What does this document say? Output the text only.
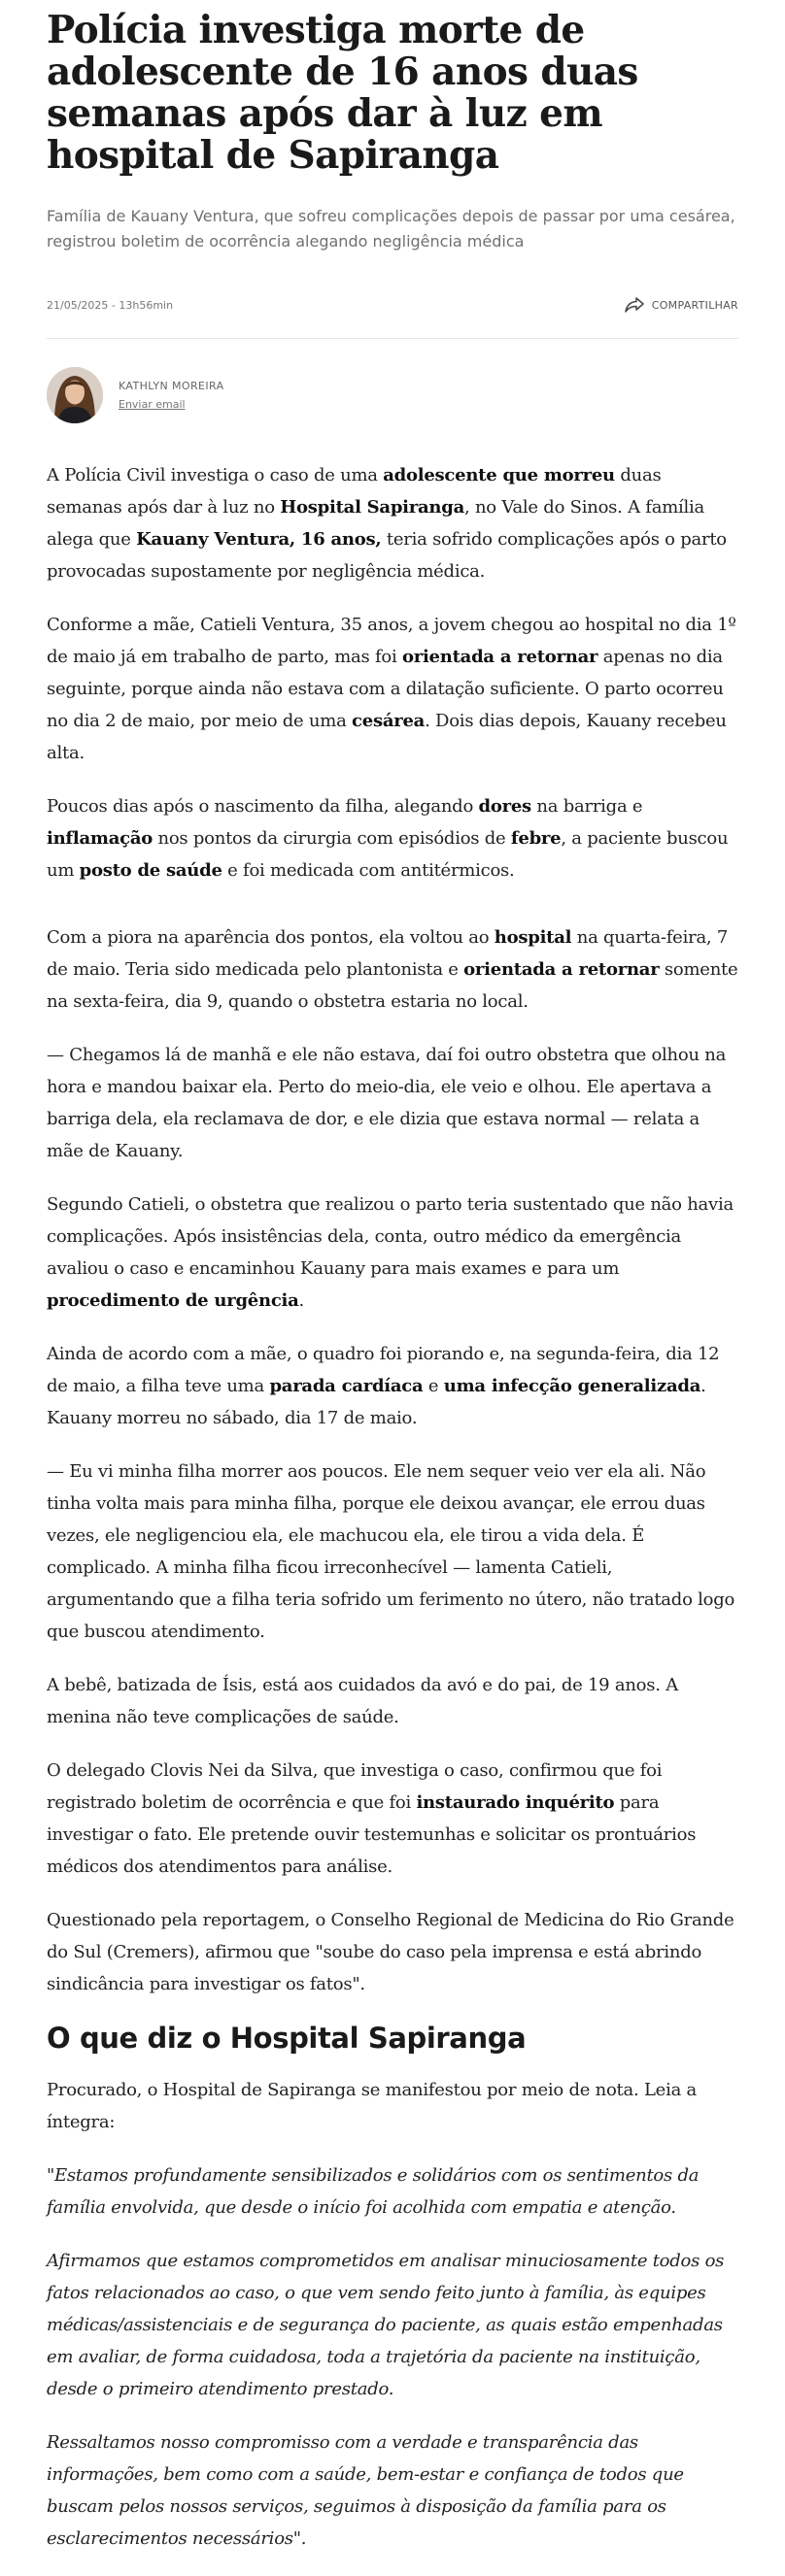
Polícia investiga morte de adolescente de 16 anos duas semanas após dar à luz em hospital de Sapiranga

Família de Kauany Ventura, que sofreu complicações depois de passar por uma cesárea, registrou boletim de ocorrência alegando negligência médica

21/05/2025 - 13h56min	COMPARTILHAR
KATHLYN MOREIRA
Enviar email

A Polícia Civil investiga o caso de uma adolescente que morreu duas semanas após dar à luz no Hospital Sapiranga, no Vale do Sinos. A família alega que Kauany Ventura, 16 anos, teria sofrido complicações após o parto provocadas supostamente por negligência médica.

Conforme a mãe, Catieli Ventura, 35 anos, a jovem chegou ao hospital no dia 1º de maio já em trabalho de parto, mas foi orientada a retornar apenas no dia seguinte, porque ainda não estava com a dilatação suficiente. O parto ocorreu no dia 2 de maio, por meio de uma cesárea. Dois dias depois, Kauany recebeu alta.

Poucos dias após o nascimento da filha, alegando dores na barriga e inflamação nos pontos da cirurgia com episódios de febre, a paciente buscou um posto de saúde e foi medicada com antitérmicos.

Com a piora na aparência dos pontos, ela voltou ao hospital na quarta-feira, 7 de maio. Teria sido medicada pelo plantonista e orientada a retornar somente na sexta-feira, dia 9, quando o obstetra estaria no local.

— Chegamos lá de manhã e ele não estava, daí foi outro obstetra que olhou na hora e mandou baixar ela. Perto do meio-dia, ele veio e olhou. Ele apertava a barriga dela, ela reclamava de dor, e ele dizia que estava normal — relata a mãe de Kauany.

Segundo Catieli, o obstetra que realizou o parto teria sustentado que não havia complicações. Após insistências dela, conta, outro médico da emergência avaliou o caso e encaminhou Kauany para mais exames e para um procedimento de urgência.

Ainda de acordo com a mãe, o quadro foi piorando e, na segunda-feira, dia 12 de maio, a filha teve uma parada cardíaca e uma infecção generalizada. Kauany morreu no sábado, dia 17 de maio.

— Eu vi minha filha morrer aos poucos. Ele nem sequer veio ver ela ali. Não tinha volta mais para minha filha, porque ele deixou avançar, ele errou duas vezes, ele negligenciou ela, ele machucou ela, ele tirou a vida dela. É complicado. A minha filha ficou irreconhecível — lamenta Catieli, argumentando que a filha teria sofrido um ferimento no útero, não tratado logo que buscou atendimento.

A bebê, batizada de Ísis, está aos cuidados da avó e do pai, de 19 anos. A menina não teve complicações de saúde.

O delegado Clovis Nei da Silva, que investiga o caso, confirmou que foi registrado boletim de ocorrência e que foi instaurado inquérito para investigar o fato. Ele pretende ouvir testemunhas e solicitar os prontuários médicos dos atendimentos para análise.

Questionado pela reportagem, o Conselho Regional de Medicina do Rio Grande do Sul (Cremers), afirmou que "soube do caso pela imprensa e está abrindo sindicância para investigar os fatos".

O que diz o Hospital Sapiranga

Procurado, o Hospital de Sapiranga se manifestou por meio de nota. Leia a íntegra:

"Estamos profundamente sensibilizados e solidários com os sentimentos da família envolvida, que desde o início foi acolhida com empatia e atenção.

Afirmamos que estamos comprometidos em analisar minuciosamente todos os fatos relacionados ao caso, o que vem sendo feito junto à família, às equipes médicas/assistenciais e de segurança do paciente, as quais estão empenhadas em avaliar, de forma cuidadosa, toda a trajetória da paciente na instituição, desde o primeiro atendimento prestado.

Ressaltamos nosso compromisso com a verdade e transparência das informações, bem como com a saúde, bem-estar e confiança de todos que buscam pelos nossos serviços, seguimos à disposição da família para os esclarecimentos necessários".
